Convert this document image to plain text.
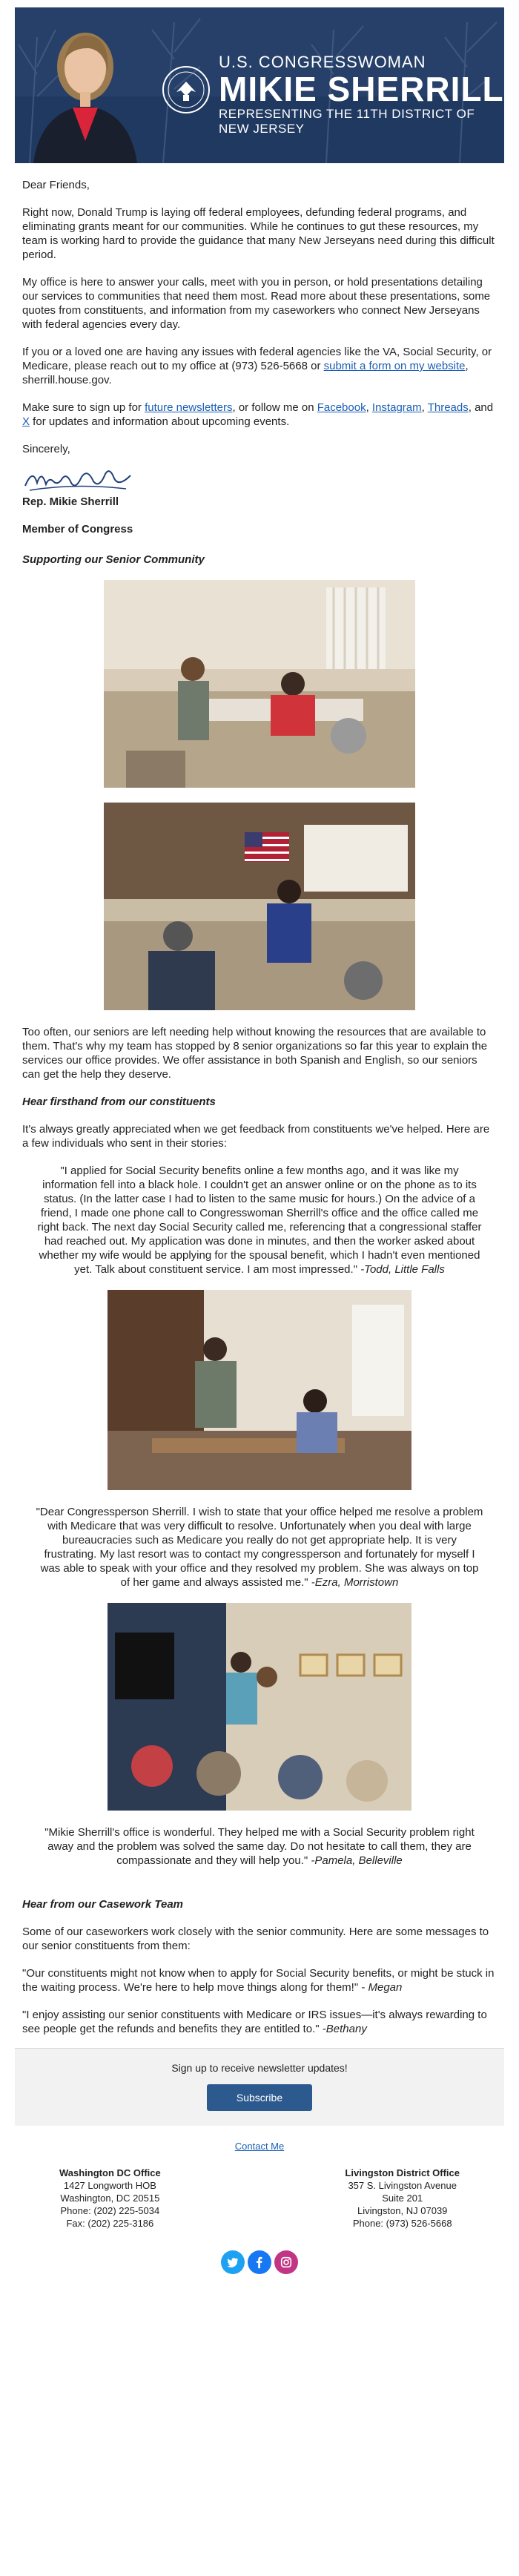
U.S. CONGRESSWOMAN
MIKIE SHERRILL
REPRESENTING THE 11TH DISTRICT OF NEW JERSEY

Dear Friends,

Right now, Donald Trump is laying off federal employees, defunding federal programs, and eliminating grants meant for our communities. While he continues to gut these resources, my team is working hard to provide the guidance that many New Jerseyans need during this difficult period.

My office is here to answer your calls, meet with you in person, or hold presentations detailing our services to communities that need them most. Read more about these presentations, some quotes from constituents, and information from my caseworkers who connect New Jerseyans with federal agencies every day.

If you or a loved one are having any issues with federal agencies like the VA, Social Security, or Medicare, please reach out to my office at (973) 526-5668 or submit a form on my website, sherrill.house.gov.

Make sure to sign up for future newsletters, or follow me on Facebook, Instagram, Threads, and X for updates and information about upcoming events.

Sincerely,

Rep. Mikie Sherrill

Member of Congress

Supporting our Senior Community

Too often, our seniors are left needing help without knowing the resources that are available to them. That's why my team has stopped by 8 senior organizations so far this year to explain the services our office provides. We offer assistance in both Spanish and English, so our seniors can get the help they deserve.

Hear firsthand from our constituents

It's always greatly appreciated when we get feedback from constituents we've helped. Here are a few individuals who sent in their stories:

"I applied for Social Security benefits online a few months ago, and it was like my information fell into a black hole. I couldn't get an answer online or on the phone as to its status. (In the latter case I had to listen to the same music for hours.) On the advice of a friend, I made one phone call to Congresswoman Sherrill's office and the office called me right back. The next day Social Security called me, referencing that a congressional staffer had reached out. My application was done in minutes, and then the worker asked about whether my wife would be applying for the spousal benefit, which I hadn't even mentioned yet. Talk about constituent service. I am most impressed." -Todd, Little Falls

"Dear Congressperson Sherrill. I wish to state that your office helped me resolve a problem with Medicare that was very difficult to resolve. Unfortunately when you deal with large bureaucracies such as Medicare you really do not get appropriate help. It is very frustrating. My last resort was to contact my congressperson and fortunately for myself I was able to speak with your office and they resolved my problem. She was always on top of her game and always assisted me." -Ezra, Morristown

"Mikie Sherrill's office is wonderful. They helped me with a Social Security problem right away and the problem was solved the same day. Do not hesitate to call them, they are compassionate and they will help you." -Pamela, Belleville

Hear from our Casework Team

Some of our caseworkers work closely with the senior community. Here are some messages to our senior constituents from them:

"Our constituents might not know when to apply for Social Security benefits, or might be stuck in the waiting process. We're here to help move things along for them!" - Megan

"I enjoy assisting our senior constituents with Medicare or IRS issues—it's always rewarding to see people get the refunds and benefits they are entitled to." -Bethany

Sign up to receive newsletter updates!

Subscribe
Contact Me
Washington DC Office
1427 Longworth HOB
Washington, DC 20515
Phone: (202) 225-5034
Fax: (202) 225-3186
Livingston District Office
357 S. Livingston Avenue
Suite 201
Livingston, NJ 07039
Phone: (973) 526-5668
